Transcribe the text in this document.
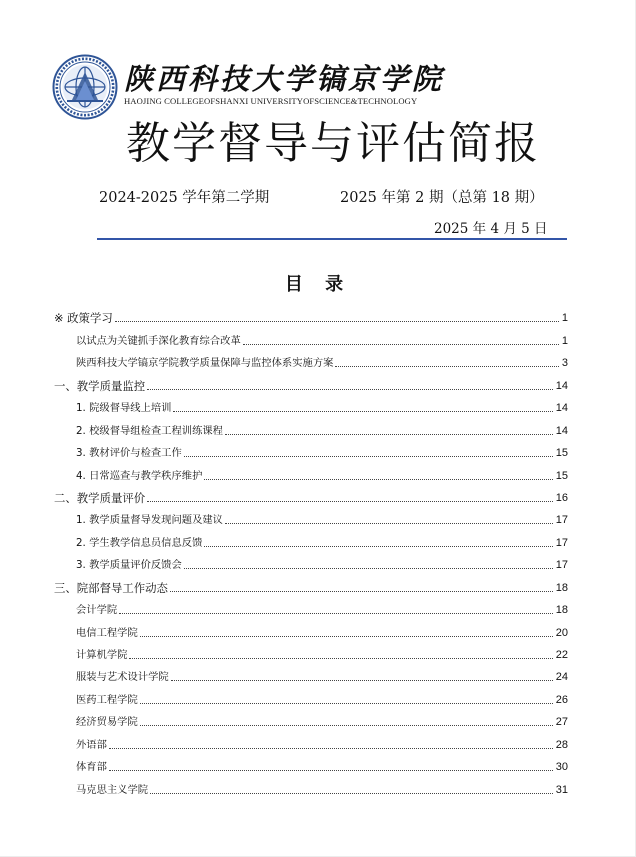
陕西科技大学镐京学院
HAOJING COLLEGEOFSHANXI UNIVERSITYOFSCIENCE&TECHNOLOGY
教学督导与评估简报
2024-2025 学年第二学期	2025 年第 2 期（总第 18 期）
2025 年 4 月 5 日
目 录
※ 政策学习	1
以试点为关键抓手深化教育综合改革	1
陕西科技大学镐京学院教学质量保障与监控体系实施方案	3
一、教学质量监控	14
1. 院级督导线上培训	14
2. 校级督导组检查工程训练课程	14
3. 教材评价与检查工作	15
4. 日常巡查与教学秩序维护	15
二、教学质量评价	16
1. 教学质量督导发现问题及建议	17
2. 学生教学信息员信息反馈	17
3. 教学质量评价反馈会	17
三、院部督导工作动态	18
会计学院	18
电信工程学院	20
计算机学院	22
服装与艺术设计学院	24
医药工程学院	26
经济贸易学院	27
外语部	28
体育部	30
马克思主义学院	31
